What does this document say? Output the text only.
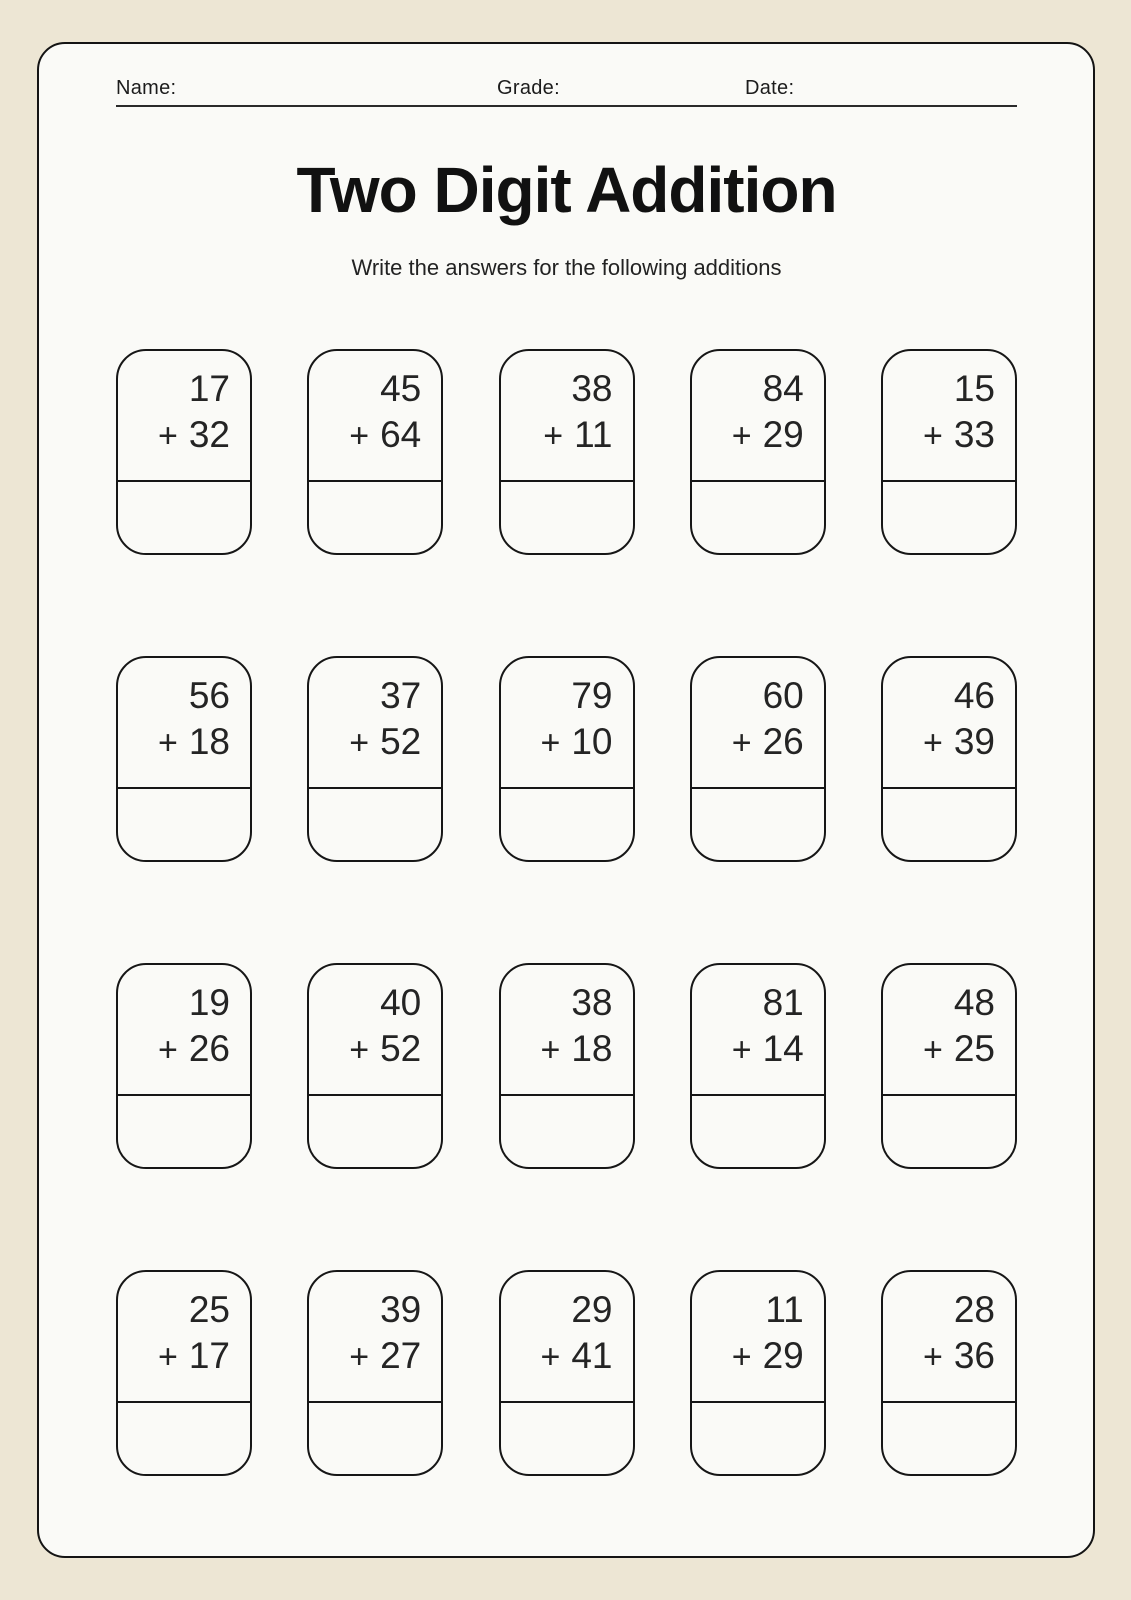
Name:	Grade:	Date:
Two Digit Addition
Write the answers for the following additions
17
+ 32
45
+ 64
38
+ 11
84
+ 29
15
+ 33
56
+ 18
37
+ 52
79
+ 10
60
+ 26
46
+ 39
19
+ 26
40
+ 52
38
+ 18
81
+ 14
48
+ 25
25
+ 17
39
+ 27
29
+ 41
11
+ 29
28
+ 36
